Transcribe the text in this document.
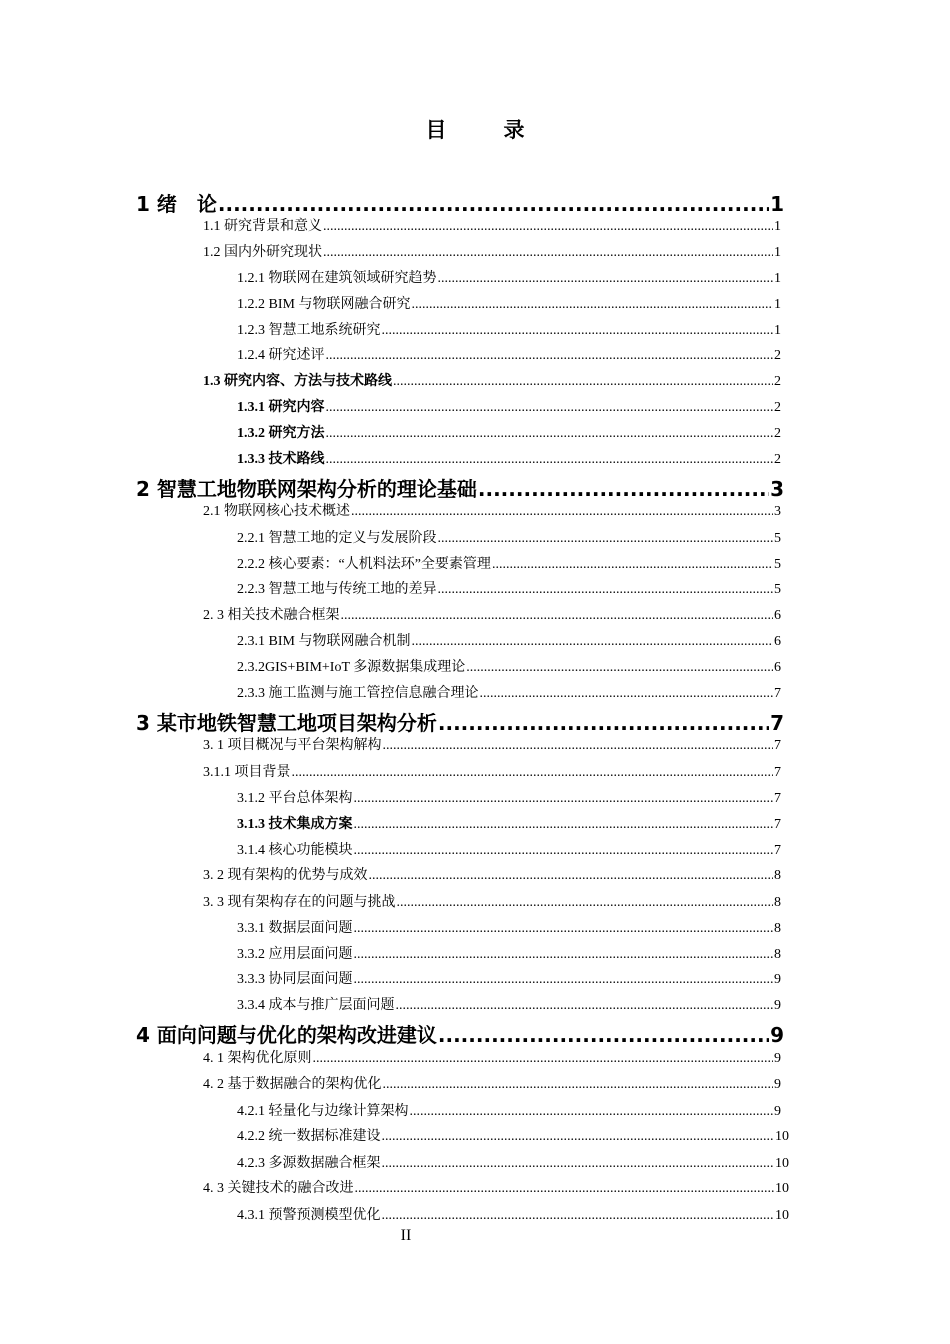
目　录
1 绪　论 .....	1
1.1 研究背景和意义 .....	1
1.2 国内外研究现状 .....	1
1.2.1 物联网在建筑领域研究趋势 .....	1
1.2.2 BIM 与物联网融合研究 .....	1
1.2.3 智慧工地系统研究 .....	1
1.2.4 研究述评 .....	2
1.3 研究内容、方法与技术路线 .....	2
1.3.1 研究内容 .....	2
1.3.2 研究方法 .....	2
1.3.3 技术路线 .....	2
2 智慧工地物联网架构分析的理论基础 .....	3
2.1 物联网核心技术概述 .....	3
2.2.1 智慧工地的定义与发展阶段 .....	5
2.2.2 核心要素：“人机料法环”全要素管理 .....	5
2.2.3 智慧工地与传统工地的差异 .....	5
2. 3 相关技术融合框架 .....	6
2.3.1 BIM 与物联网融合机制 .....	6
2.3.2GIS+BIM+IoT 多源数据集成理论 .....	6
2.3.3 施工监测与施工管控信息融合理论 .....	7
3 某市地铁智慧工地项目架构分析 .....	7
3. 1 项目概况与平台架构解构 .....	7
3.1.1 项目背景 .....	7
3.1.2 平台总体架构 .....	7
3.1.3 技术集成方案 .....	7
3.1.4 核心功能模块 .....	7
3. 2 现有架构的优势与成效 .....	8
3. 3 现有架构存在的问题与挑战 .....	8
3.3.1 数据层面问题 .....	8
3.3.2 应用层面问题 .....	8
3.3.3 协同层面问题 .....	9
3.3.4 成本与推广层面问题 .....	9
4 面向问题与优化的架构改进建议 .....	9
4. 1 架构优化原则 .....	9
4. 2 基于数据融合的架构优化 .....	9
4.2.1 轻量化与边缘计算架构 .....	9
4.2.2 统一数据标准建设 .....	10
4.2.3 多源数据融合框架 .....	10
4. 3 关键技术的融合改进 .....	10
4.3.1 预警预测模型优化 .....	10
II
